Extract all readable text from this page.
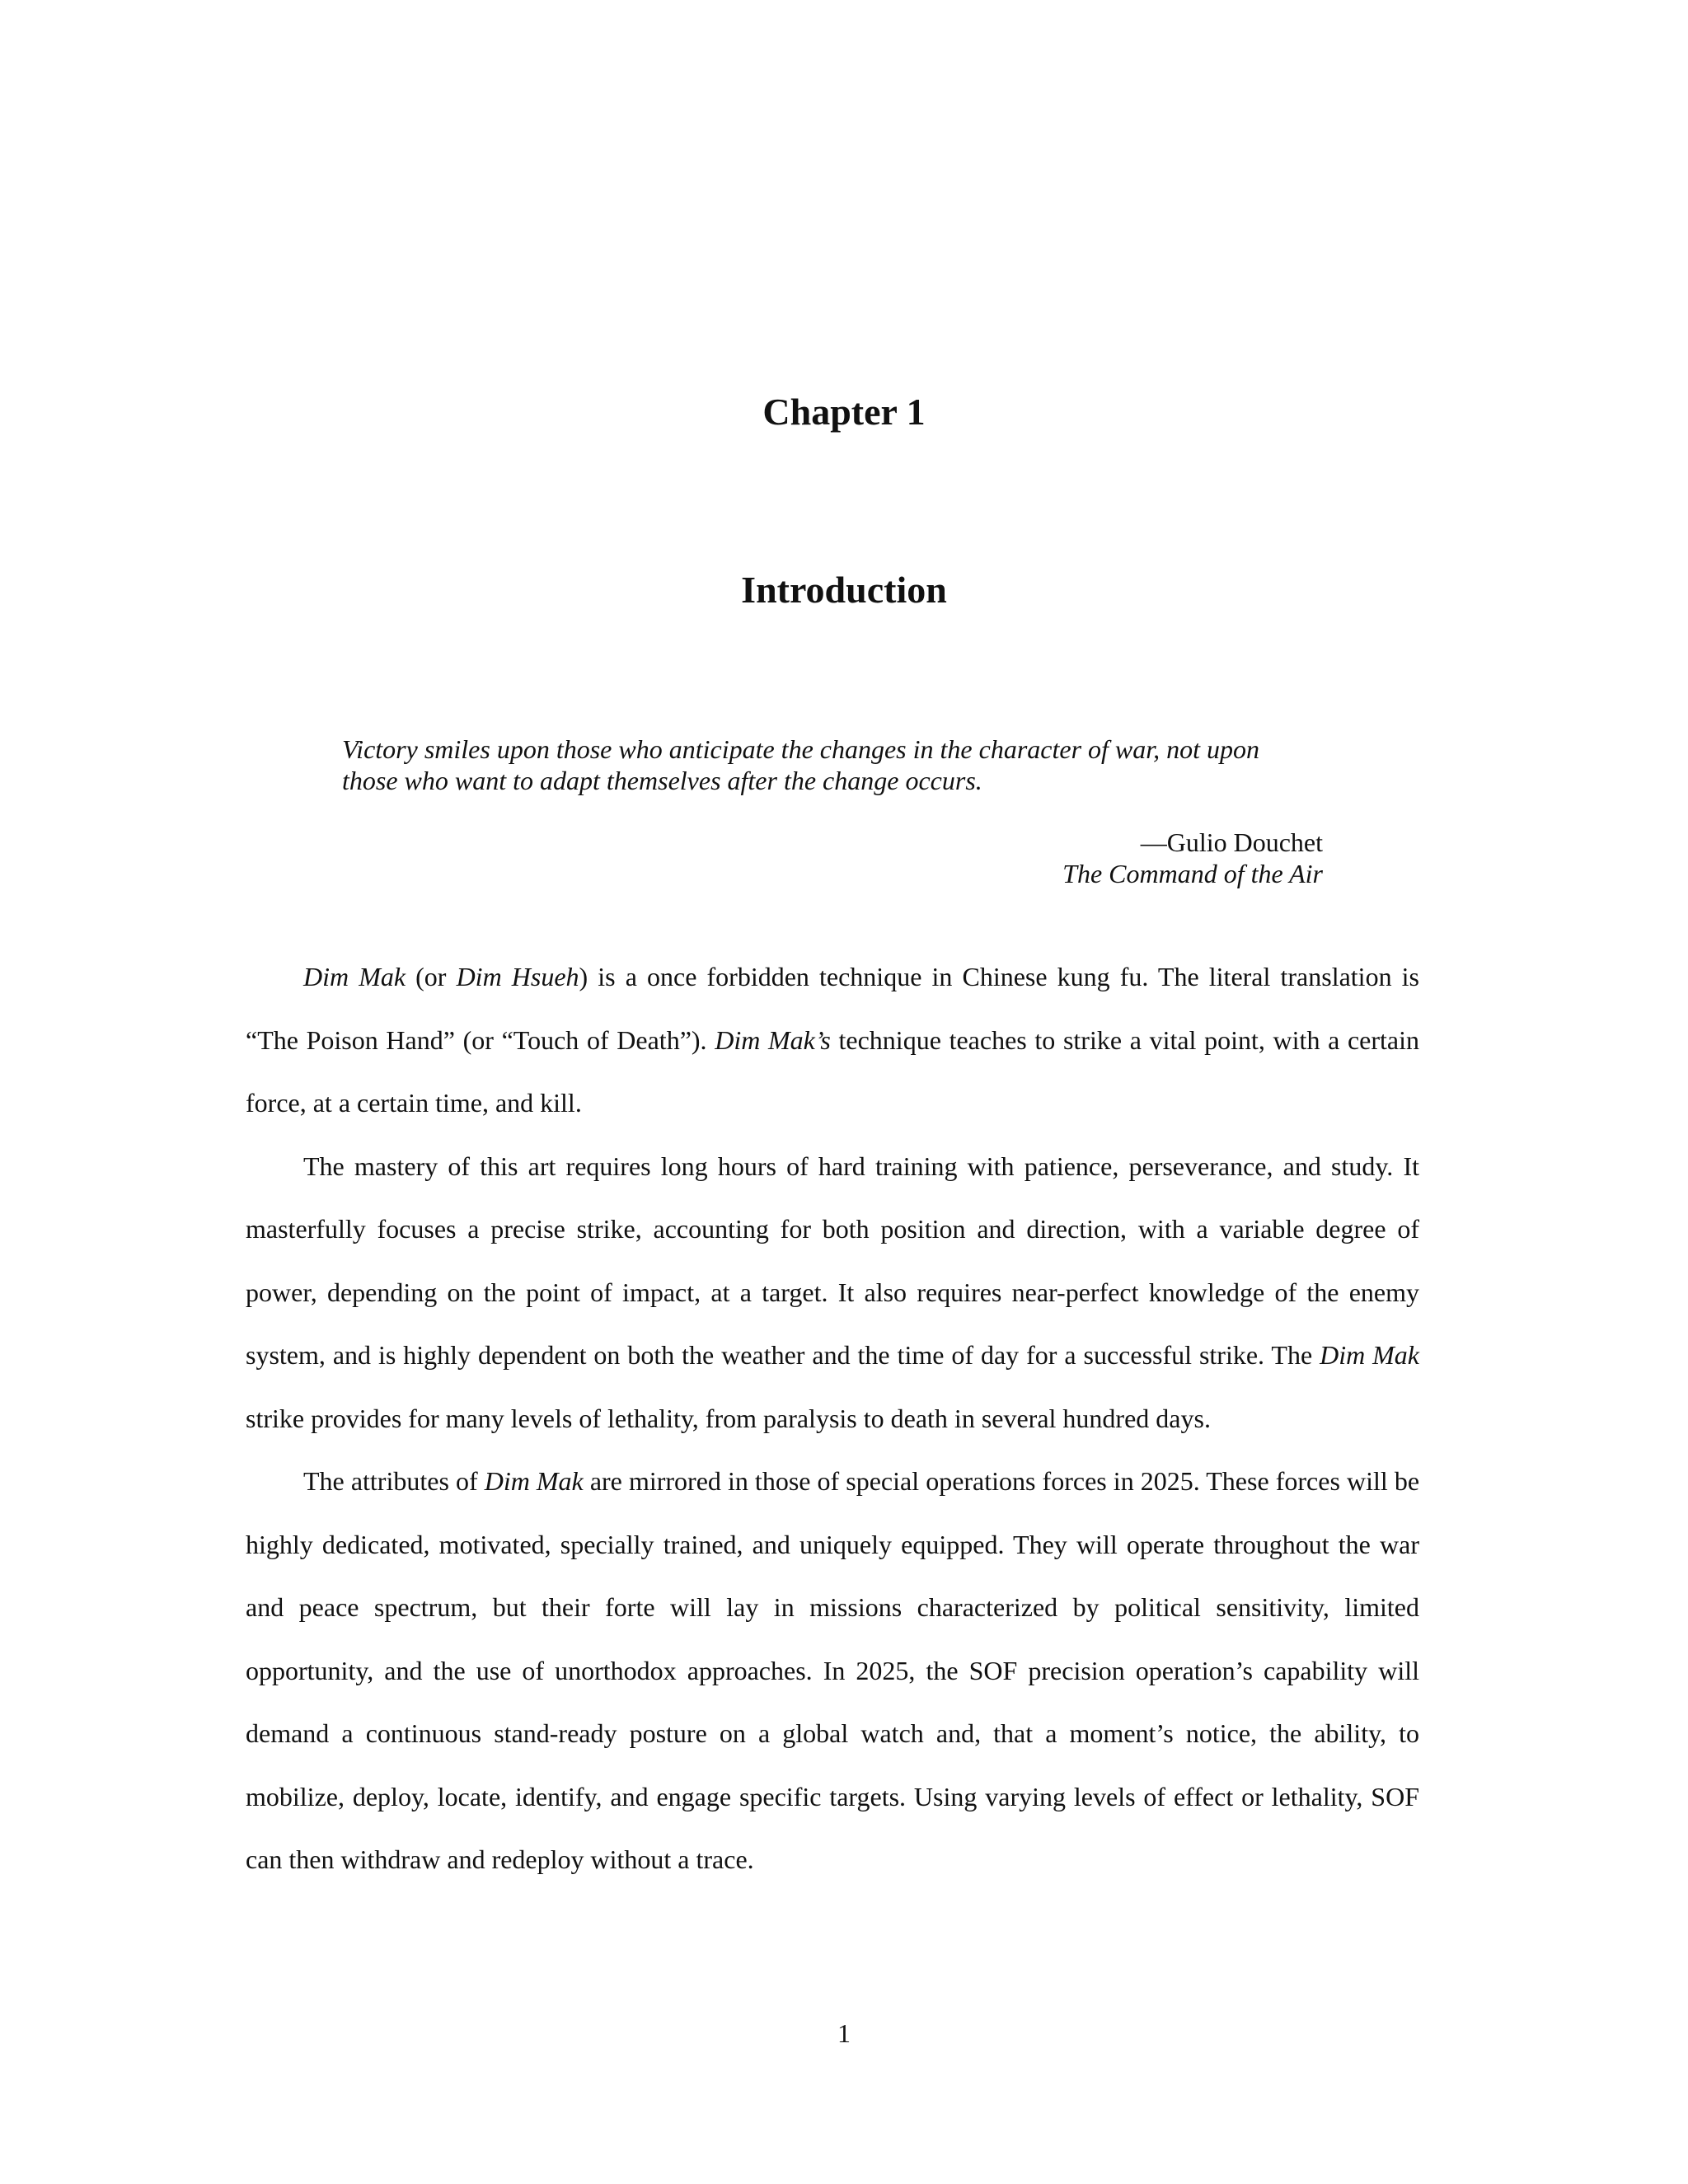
Chapter 1
Introduction

Victory smiles upon those who anticipate the changes in the character of war, not upon
those who want to adapt themselves after the change occurs.

—Gulio Douchet

The Command of the Air

Dim Mak (or Dim Hsueh) is a once forbidden technique in Chinese kung fu. The literal translation is “The Poison Hand” (or “Touch of Death”). Dim Mak’s technique teaches to strike a vital point, with a certain force, at a certain time, and kill.

The mastery of this art requires long hours of hard training with patience, perseverance, and study. It masterfully focuses a precise strike, accounting for both position and direction, with a variable degree of power, depending on the point of impact, at a target. It also requires near-perfect knowledge of the enemy system, and is highly dependent on both the weather and the time of day for a successful strike. The Dim Mak strike provides for many levels of lethality, from paralysis to death in several hundred days.

The attributes of Dim Mak are mirrored in those of special operations forces in 2025. These forces will be highly dedicated, motivated, specially trained, and uniquely equipped. They will operate throughout the war and peace spectrum, but their forte will lay in missions characterized by political sensitivity, limited opportunity, and the use of unorthodox approaches. In 2025, the SOF precision operation’s capability will demand a continuous stand-ready posture on a global watch and, that a moment’s notice, the ability, to mobilize, deploy, locate, identify, and engage specific targets. Using varying levels of effect or lethality, SOF can then withdraw and redeploy without a trace.

1
